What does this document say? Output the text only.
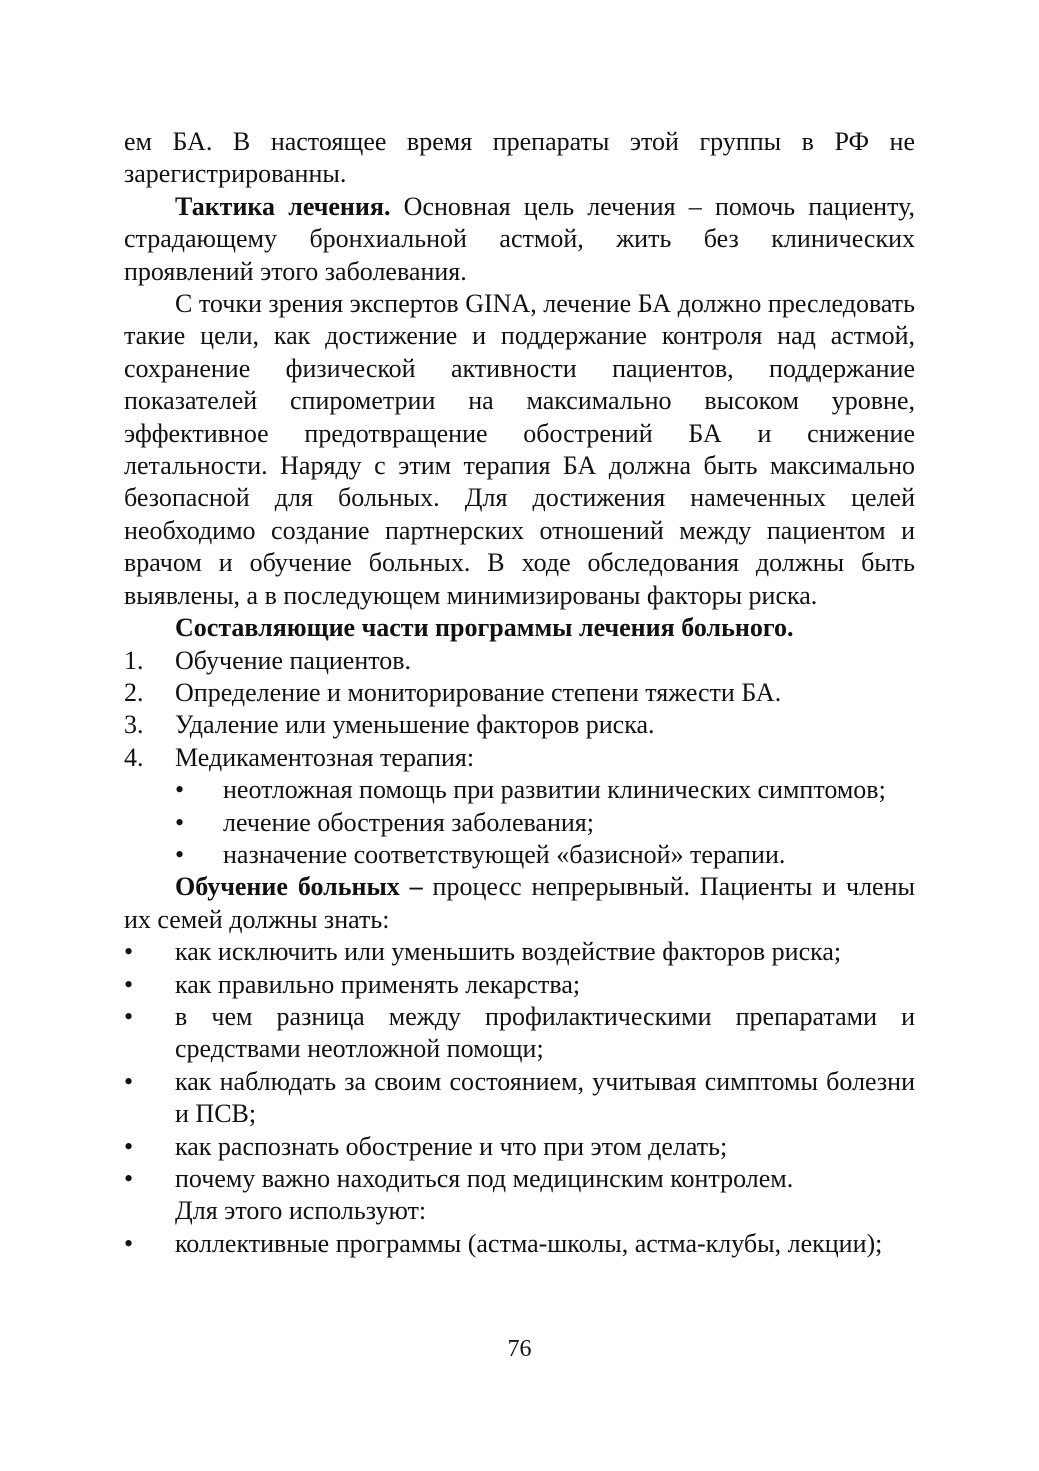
ем БА. В настоящее время препараты этой группы в РФ не зарегистрированны.

Тактика лечения. Основная цель лечения – помочь пациенту, страдающему бронхиальной астмой, жить без клинических проявлений этого заболевания.

С точки зрения экспертов GINA, лечение БА должно преследовать такие цели, как достижение и поддержание контроля над астмой, сохранение физической активности пациентов, поддержание показателей спирометрии на максимально высоком уровне, эффективное предотвращение обострений БА и снижение летальности. Наряду с этим терапия БА должна быть максимально безопасной для больных. Для достижения намеченных целей необходимо создание партнерских отношений между пациентом и врачом и обучение больных. В ходе обследования должны быть выявлены, а в последующем минимизированы факторы риска.

Составляющие части программы лечения больного.

1. Обучение пациентов.
2. Определение и мониторирование степени тяжести БА.
3. Удаление или уменьшение факторов риска.
4. Медикаментозная терапия:
• неотложная помощь при развитии клинических симптомов;
• лечение обострения заболевания;
• назначение соответствующей «базисной» терапии.

Обучение больных – процесс непрерывный. Пациенты и члены их семей должны знать:

• как исключить или уменьшить воздействие факторов риска;
• как правильно применять лекарства;
• в чем разница между профилактическими препаратами и средствами неотложной помощи;
• как наблюдать за своим состоянием, учитывая симптомы болезни и ПСВ;
• как распознать обострение и что при этом делать;
• почему важно находиться под медицинским контролем.

Для этого используют:

• коллективные программы (астма-школы, астма-клубы, лекции);
76
